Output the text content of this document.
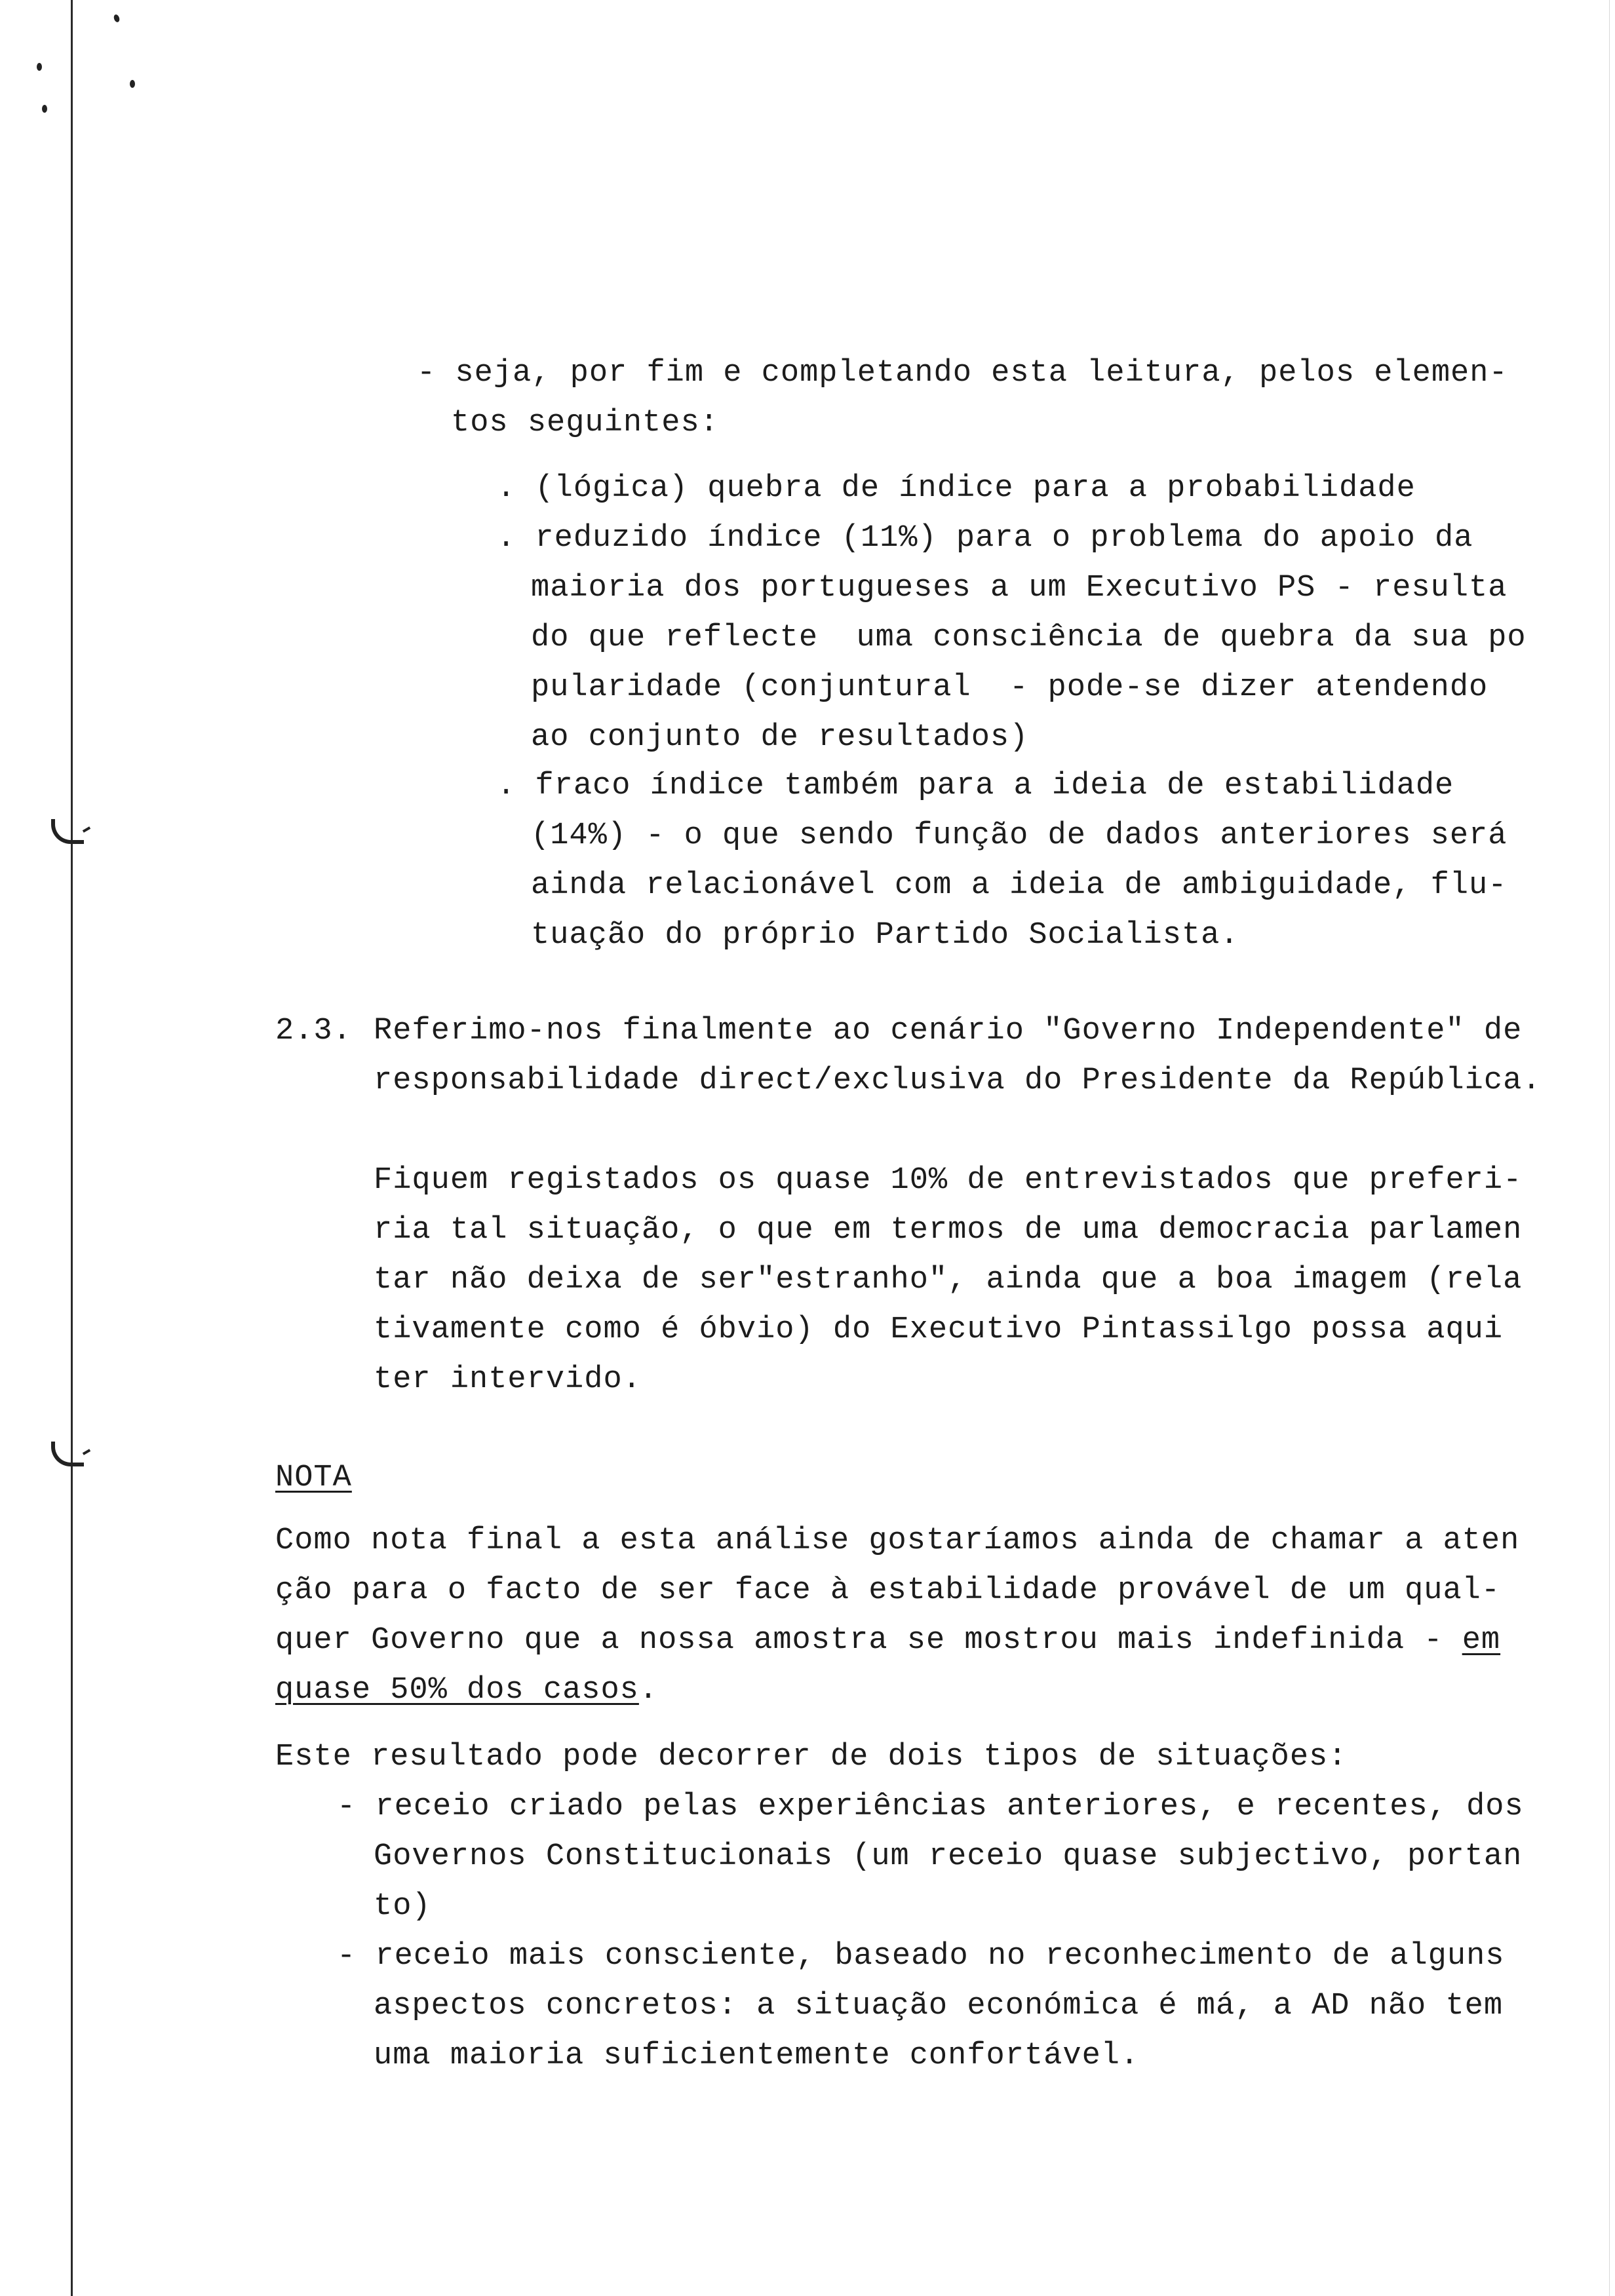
- seja, por fim e completando esta leitura, pelos elemen-
tos seguintes:
. (lógica) quebra de índice para a probabilidade
. reduzido índice (11%) para o problema do apoio da
maioria dos portugueses a um Executivo PS - resulta
do que reflecte  uma consciência de quebra da sua po
pularidade (conjuntural  - pode-se dizer atendendo
ao conjunto de resultados)
. fraco índice também para a ideia de estabilidade
(14%) - o que sendo função de dados anteriores será
ainda relacionável com a ideia de ambiguidade, flu-
tuação do próprio Partido Socialista.
2.3. Referimo-nos finalmente ao cenário "Governo Independente" de
responsabilidade direct/exclusiva do Presidente da República.
Fiquem registados os quase 10% de entrevistados que preferi-
ria tal situação, o que em termos de uma democracia parlamen
tar não deixa de ser"estranho", ainda que a boa imagem (rela
tivamente como é óbvio) do Executivo Pintassilgo possa aqui
ter intervido.
NOTA
Como nota final a esta análise gostaríamos ainda de chamar a aten
ção para o facto de ser face à estabilidade provável de um qual-
quer Governo que a nossa amostra se mostrou mais indefinida - em
quase 50% dos casos.
Este resultado pode decorrer de dois tipos de situações:
- receio criado pelas experiências anteriores, e recentes, dos
Governos Constitucionais (um receio quase subjectivo, portan
to)
- receio mais consciente, baseado no reconhecimento de alguns
aspectos concretos: a situação económica é má, a AD não tem
uma maioria suficientemente confortável.
